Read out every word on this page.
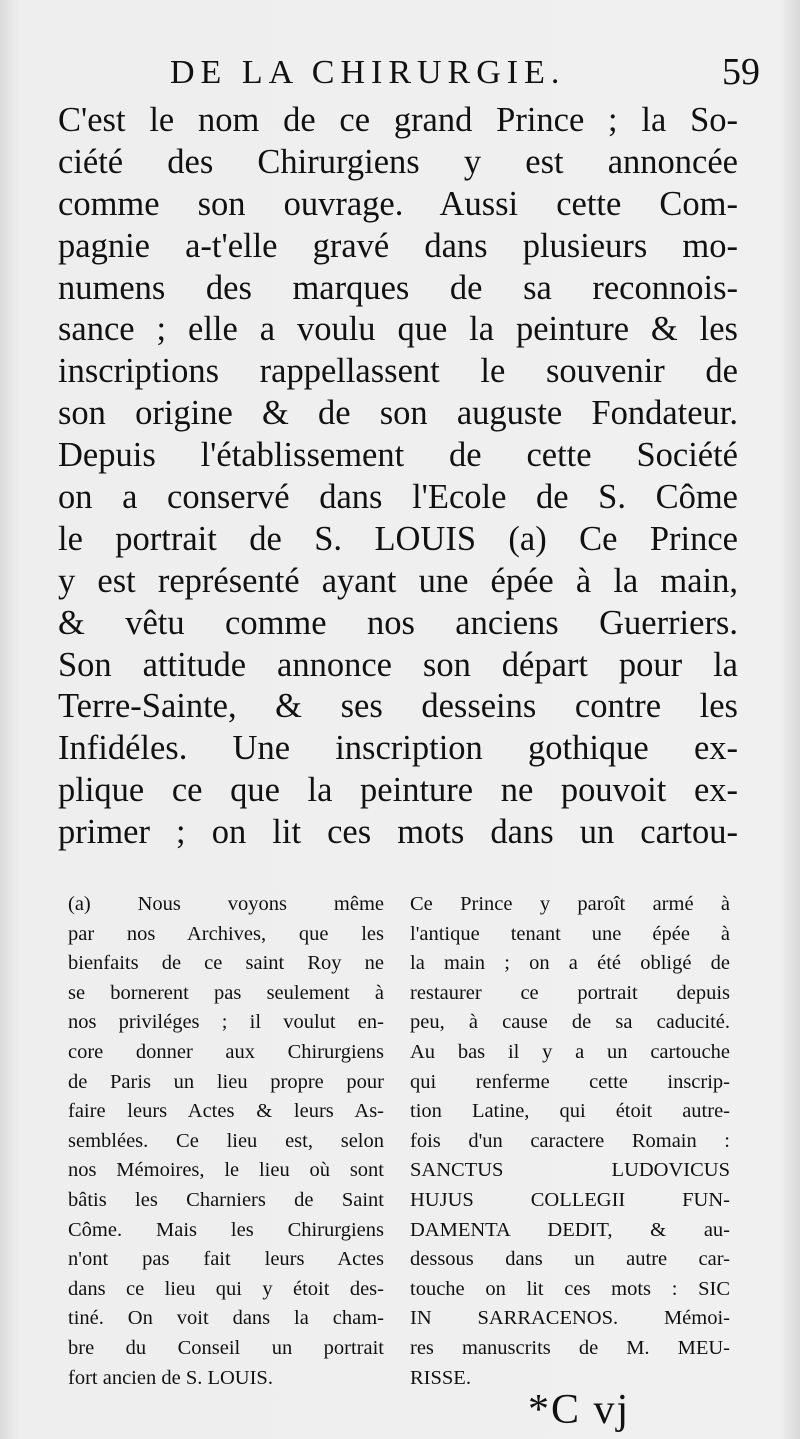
DE LA CHIRURGIE.	59
C'est le nom de ce grand Prince ; la So-
ciété des Chirurgiens y est annoncée
comme son ouvrage. Aussi cette Com-
pagnie a-t'elle gravé dans plusieurs mo-
numens des marques de sa reconnois-
sance ; elle a voulu que la peinture & les
inscriptions rappellassent le souvenir de
son origine & de son auguste Fondateur.
Depuis l'établissement de cette Société
on a conservé dans l'Ecole de S. Côme
le portrait de S. LOUIS (a) Ce Prince
y est représenté ayant une épée à la main,
& vêtu comme nos anciens Guerriers.
Son attitude annonce son départ pour la
Terre-Sainte, & ses desseins contre les
Infidéles. Une inscription gothique ex-
plique ce que la peinture ne pouvoit ex-
primer ; on lit ces mots dans un cartou-
(a) Nous voyons même
par nos Archives, que les
bienfaits de ce saint Roy ne
se bornerent pas seulement à
nos priviléges ; il voulut en-
core donner aux Chirurgiens
de Paris un lieu propre pour
faire leurs Actes & leurs As-
semblées. Ce lieu est, selon
nos Mémoires, le lieu où sont
bâtis les Charniers de Saint
Côme. Mais les Chirurgiens
n'ont pas fait leurs Actes
dans ce lieu qui y étoit des-
tiné. On voit dans la cham-
bre du Conseil un portrait
fort ancien de S. LOUIS.
Ce Prince y paroît armé à
l'antique tenant une épée à
la main ; on a été obligé de
restaurer ce portrait depuis
peu, à cause de sa caducité.
Au bas il y a un cartouche
qui renferme cette inscrip-
tion Latine, qui étoit autre-
fois d'un caractere Romain :
SANCTUS LUDOVICUS
HUJUS COLLEGII FUN-
DAMENTA DEDIT, & au-
dessous dans un autre car-
touche on lit ces mots : SIC
IN SARRACENOS. Mémoi-
res manuscrits de M. MEU-
RISSE.
*C vj
